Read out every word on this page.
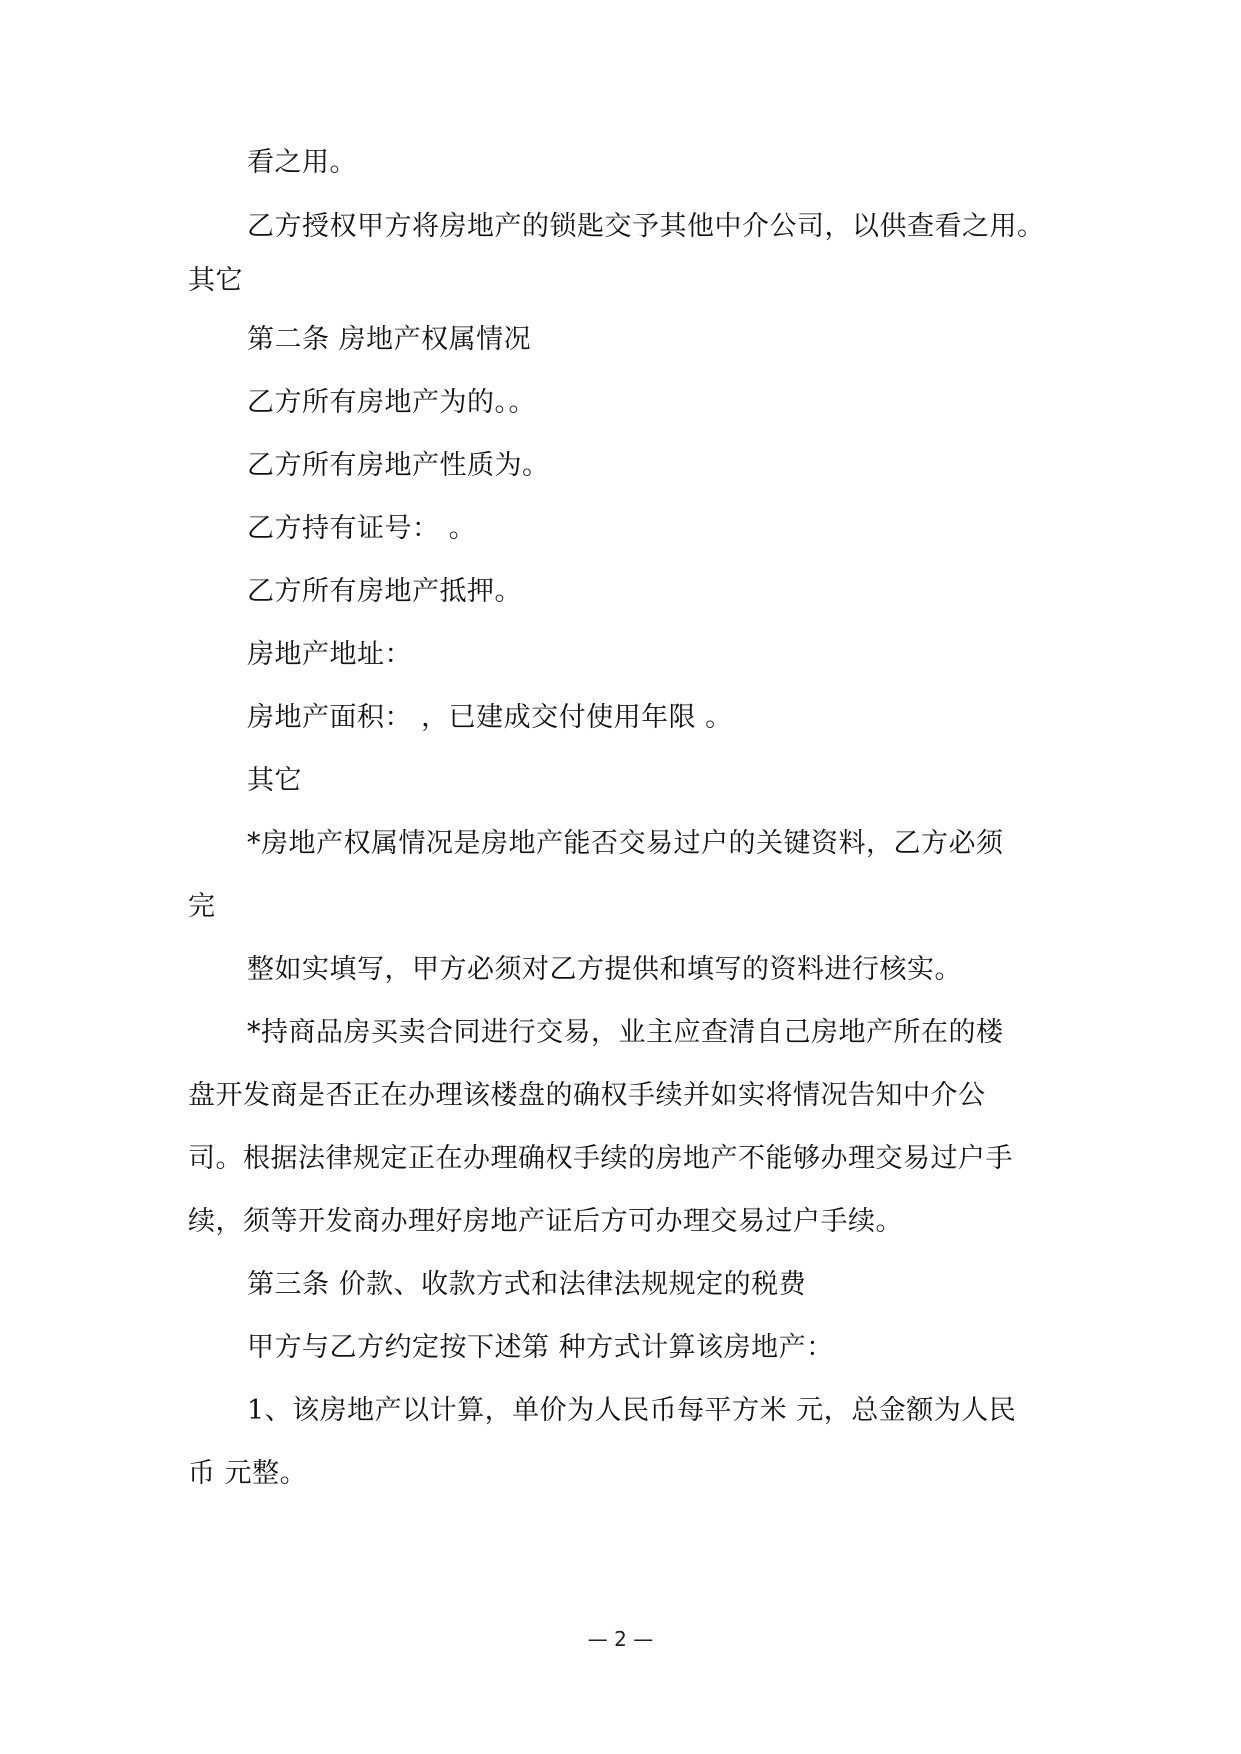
看之用。

乙方授权甲方将房地产的锁匙交予其他中介公司，以供查看之用。

其它

第二条 房地产权属情况

乙方所有房地产为的。。

乙方所有房地产性质为。

乙方持有证号： 。

乙方所有房地产抵押。

房地产地址：

房地产面积： ，已建成交付使用年限 。

其它

*房地产权属情况是房地产能否交易过户的关键资料，乙方必须

完

整如实填写，甲方必须对乙方提供和填写的资料进行核实。

*持商品房买卖合同进行交易，业主应查清自己房地产所在的楼

盘开发商是否正在办理该楼盘的确权手续并如实将情况告知中介公

司。根据法律规定正在办理确权手续的房地产不能够办理交易过户手

续，须等开发商办理好房地产证后方可办理交易过户手续。

第三条 价款、收款方式和法律法规规定的税费

甲方与乙方约定按下述第 种方式计算该房地产：

1、该房地产以计算，单价为人民币每平方米 元，总金额为人民

币 元整。

— 2 —
